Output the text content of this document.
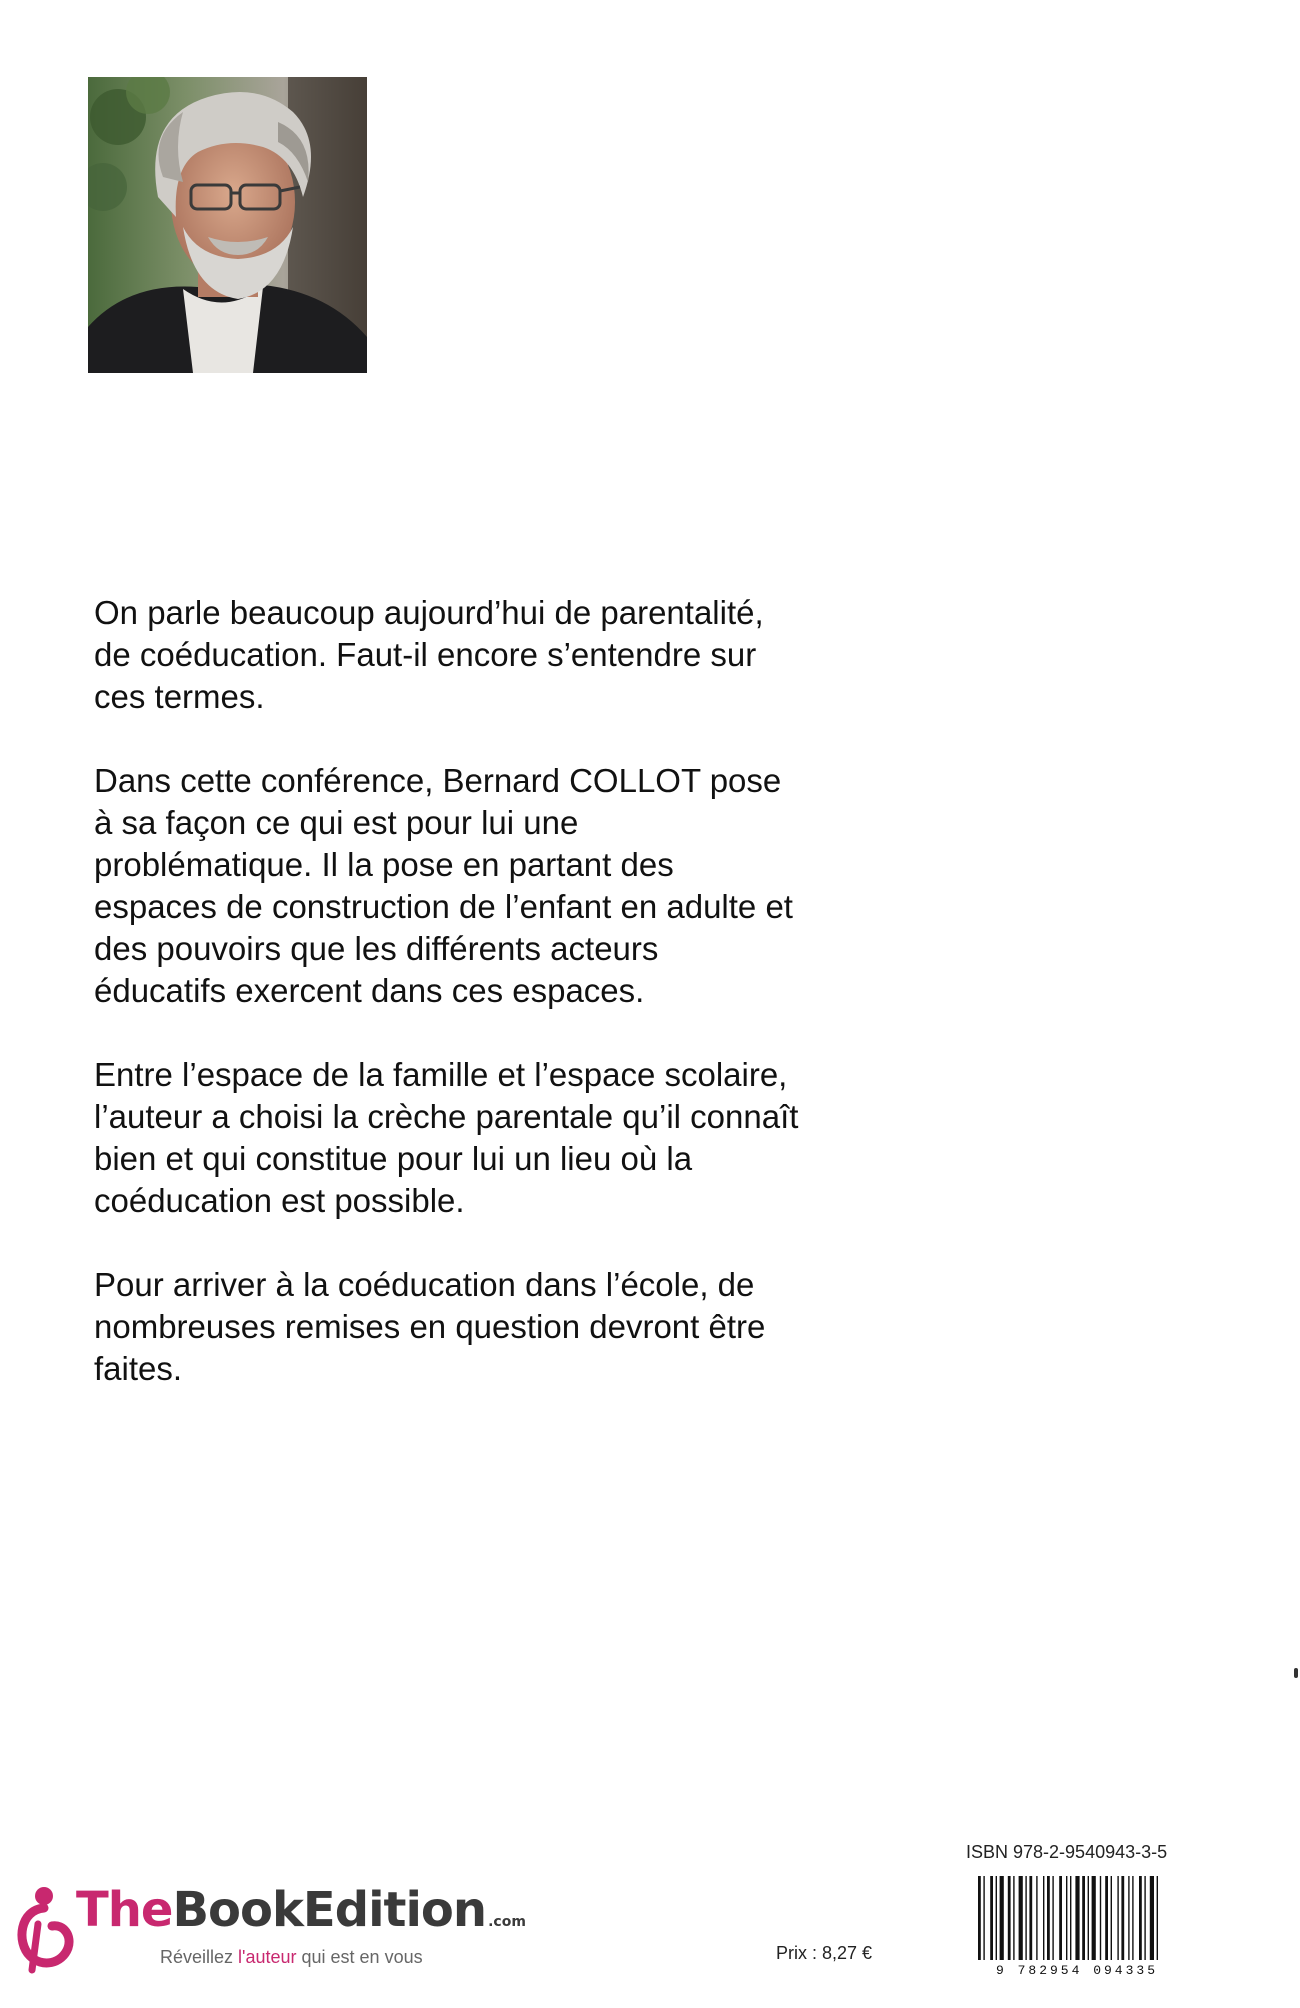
On parle beaucoup aujourd’hui de parentalité,
de coéducation. Faut-il encore s’entendre sur
ces termes.

Dans cette conférence, Bernard COLLOT pose
à sa façon ce qui est pour lui une
problématique. Il la pose en partant des
espaces de construction de l’enfant en adulte et
des pouvoirs que les différents acteurs
éducatifs exercent dans ces espaces.

Entre l’espace de la famille et l’espace scolaire,
l’auteur a choisi la crèche parentale qu’il connaît
bien et qui constitue pour lui un lieu où la
coéducation est possible.

Pour arriver à la coéducation dans l’école, de
nombreuses remises en question devront être
faites.

TheBookEdition .com
Réveillez l'auteur qui est en vous	Prix : 8,27 €
ISBN 978-2-9540943-3-5
9 782954 094335
